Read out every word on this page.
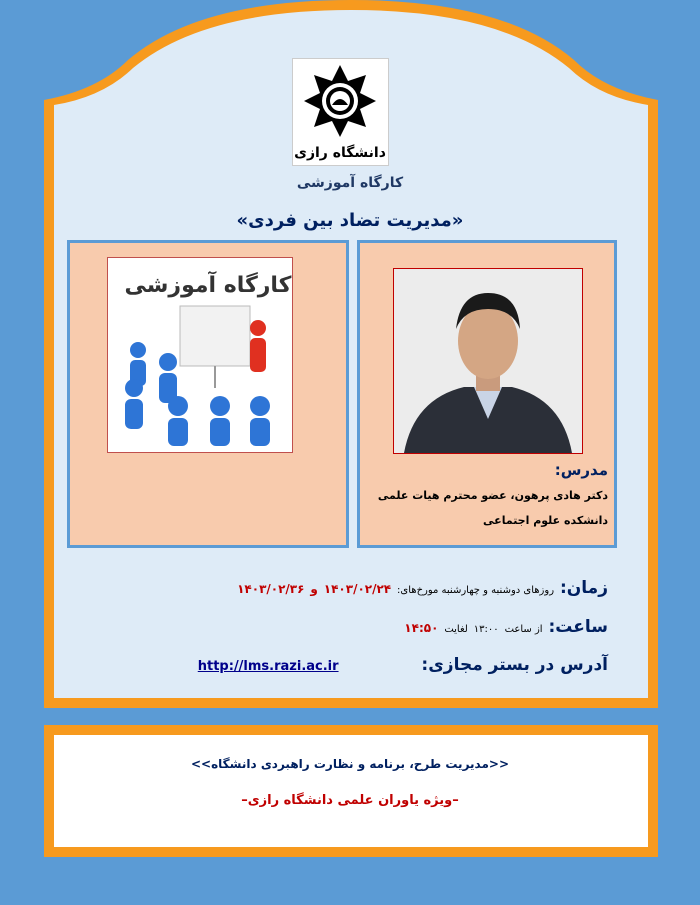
دانشگاه رازی
کارگاه آموزشی
«مدیریت تضاد بین فردی»
کارگاه آموزشی
مدرس:
دکتر هادی پرهون، عضو محترم هیات علمی
دانشکده علوم اجتماعی
زمان: روزهای دوشنبه و چهارشنبه مورخ‌های: ۱۴۰۳/۰۲/۲۴ و ۱۴۰۳/۰۲/۳۶
ساعت: از ساعت ۱۳:۰۰ لغایت ۱۴:۵۰
آدرس در بستر مجازی:              http://lms.razi.ac.ir
<<مدیریت طرح، برنامه و نظارت راهبردی دانشگاه>>
–ویژه یاوران علمی دانشگاه رازی–
